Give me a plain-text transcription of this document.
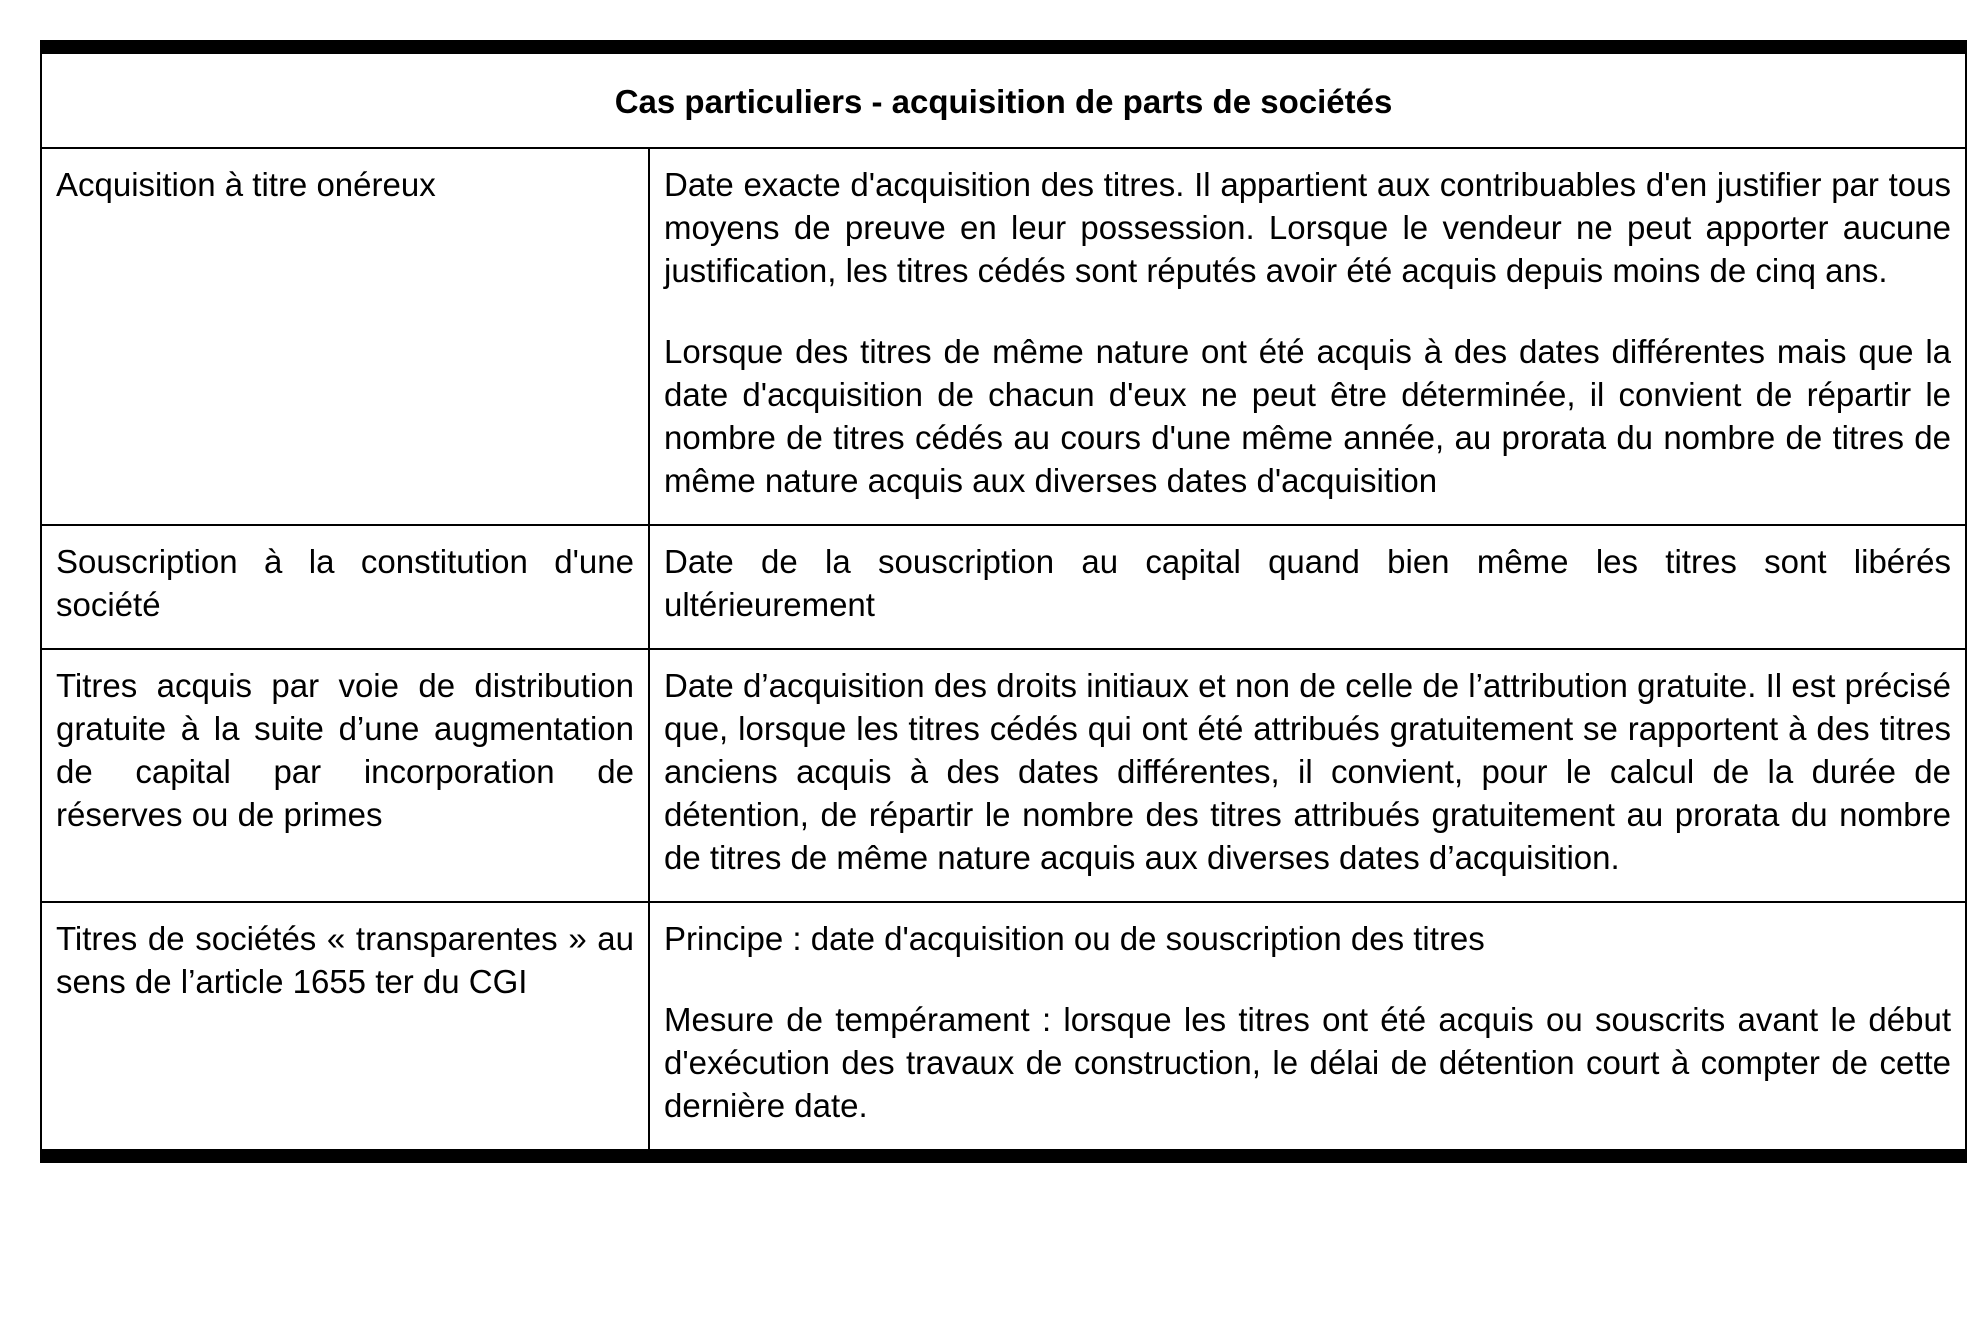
Cas particuliers - acquisition de parts de sociétés	
Acquisition à titre onéreux	Date exacte d'acquisition des titres. Il appartient aux contribuables d'en justifier par tous moyens de preuve en leur possession. Lorsque le vendeur ne peut apporter aucune justification, les titres cédés sont réputés avoir été acquis depuis moins de cinq ans.

Lorsque des titres de même nature ont été acquis à des dates différentes mais que la date d'acquisition de chacun d'eux ne peut être déterminée, il convient de répartir le nombre de titres cédés au cours d'une même année, au prorata du nombre de titres de même nature acquis aux diverses dates d'acquisition

Souscription à la constitution d'une société	Date de la souscription au capital quand bien même les titres sont libérés ultérieurement

Titres acquis par voie de distribution gratuite à la suite d’une augmentation de capital par incorporation de réserves ou de primes	Date d’acquisition des droits initiaux et non de celle de l’attribution gratuite. Il est précisé que, lorsque les titres cédés qui ont été attribués gratuitement se rapportent à des titres anciens acquis à des dates différentes, il convient, pour le calcul de la durée de détention, de répartir le nombre des titres attribués gratuitement au prorata du nombre de titres de même nature acquis aux diverses dates d’acquisition.

Titres de sociétés « transparentes » au sens de l’article 1655 ter du CGI	Principe : date d'acquisition ou de souscription des titres

Mesure de tempérament : lorsque les titres ont été acquis ou souscrits avant le début d'exécution des travaux de construction, le délai de détention court à compter de cette dernière date.
